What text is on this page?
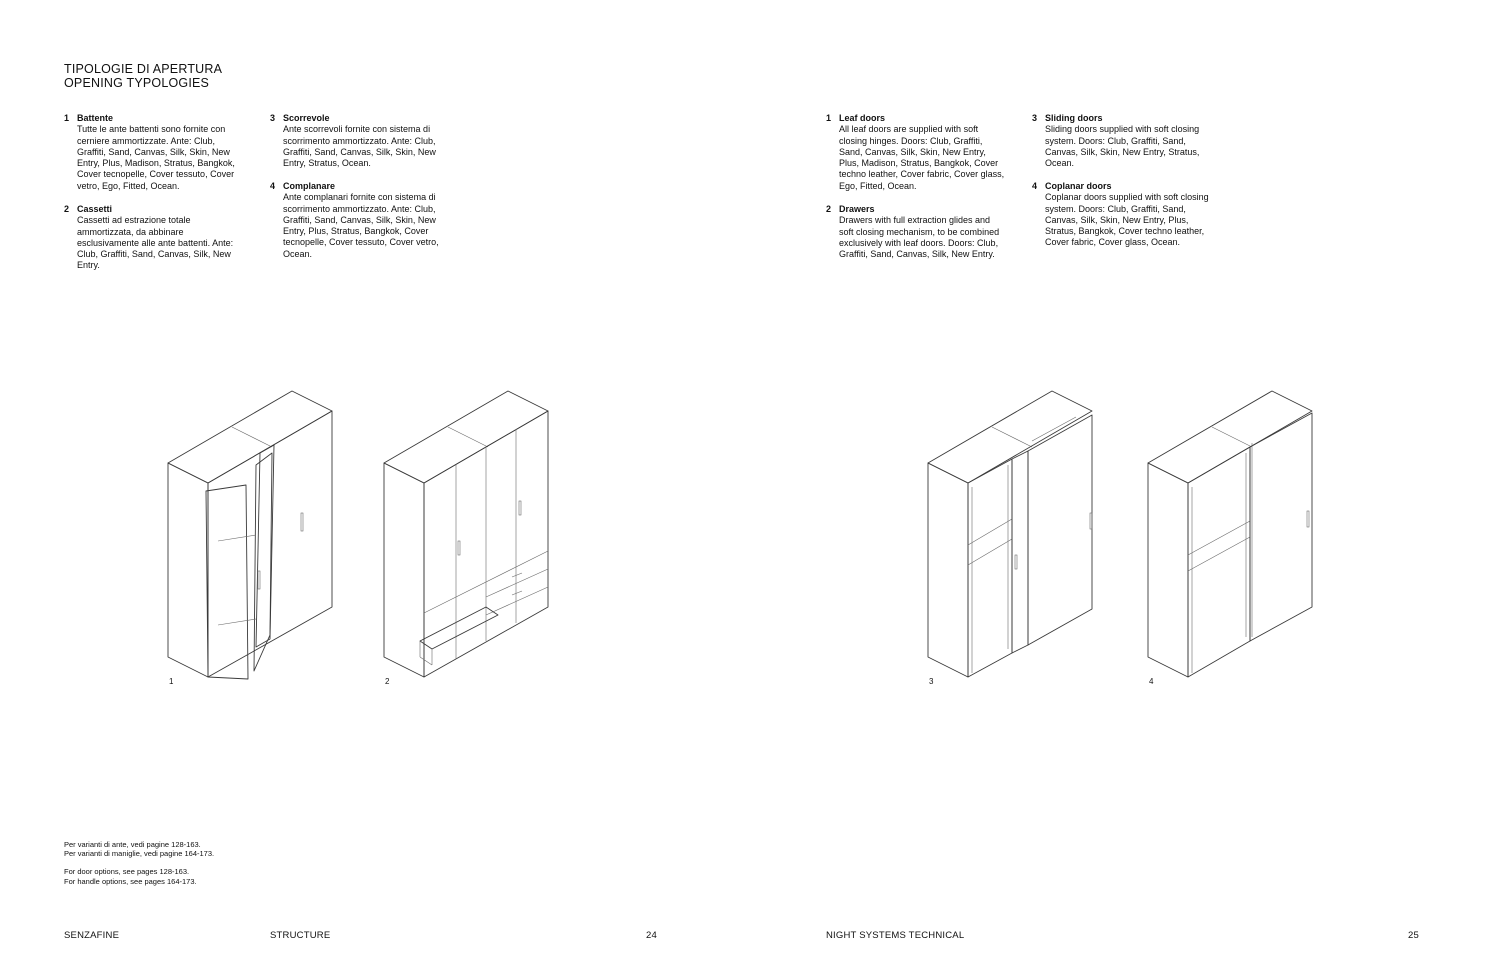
TIPOLOGIE DI APERTURA
OPENING TYPOLOGIES
1 Battente
Tutte le ante battenti sono fornite con cerniere ammortizzate. Ante: Club, Graffiti, Sand, Canvas, Silk, Skin, New Entry, Plus, Madison, Stratus, Bangkok, Cover tecnopelle, Cover tessuto, Cover vetro, Ego, Fitted, Ocean.
2 Cassetti
Cassetti ad estrazione totale ammortizzata, da abbinare esclusivamente alle ante battenti. Ante: Club, Graffiti, Sand, Canvas, Silk, New Entry.
3 Scorrevole
Ante scorrevoli fornite con sistema di scorrimento ammortizzato. Ante: Club, Graffiti, Sand, Canvas, Silk, Skin, New Entry, Stratus, Ocean.
4 Complanare
Ante complanari fornite con sistema di scorrimento ammortizzato. Ante: Club, Graffiti, Sand, Canvas, Silk, Skin, New Entry, Plus, Stratus, Bangkok, Cover tecnopelle, Cover tessuto, Cover vetro, Ocean.
1 Leaf doors
All leaf doors are supplied with soft closing hinges. Doors: Club, Graffiti, Sand, Canvas, Silk, Skin, New Entry, Plus, Madison, Stratus, Bangkok, Cover techno leather, Cover fabric, Cover glass, Ego, Fitted, Ocean.
2 Drawers
Drawers with full extraction glides and soft closing mechanism, to be combined exclusively with leaf doors. Doors: Club, Graffiti, Sand, Canvas, Silk, New Entry.
3 Sliding doors
Sliding doors supplied with soft closing system. Doors: Club, Graffiti, Sand, Canvas, Silk, Skin, New Entry, Stratus, Ocean.
4 Coplanar doors
Coplanar doors supplied with soft closing system. Doors: Club, Graffiti, Sand, Canvas, Silk, Skin, New Entry, Plus, Stratus, Bangkok, Cover techno leather, Cover fabric, Cover glass, Ocean.
1	2	3	4

Per varianti di ante, vedi pagine 128-163.
Per varianti di maniglie, vedi pagine 164-173.

For door options, see pages 128-163.
For handle options, see pages 164-173.

SENZAFINE	STRUCTURE	24	NIGHT SYSTEMS TECHNICAL	25
